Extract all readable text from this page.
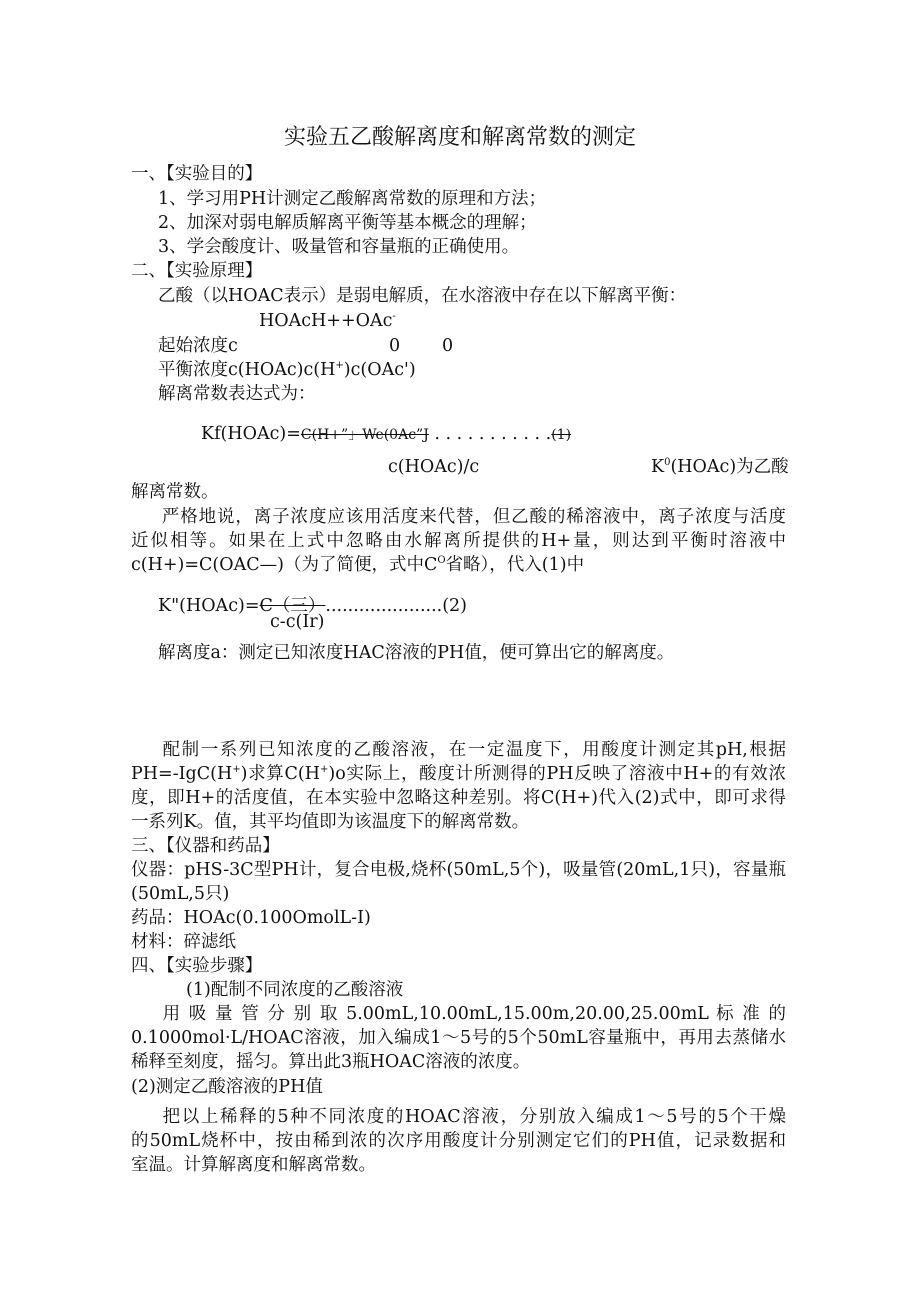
实验五乙酸解离度和解离常数的测定
一、【实验目的】
1、学习用PH计测定乙酸解离常数的原理和方法；
2、加深对弱电解质解离平衡等基本概念的理解；
3、学会酸度计、吸量管和容量瓶的正确使用。
二、【实验原理】
乙酸（以HOAC表示）是弱电解质，在水溶液中存在以下解离平衡：
HOAcH++OAc-
起始浓度c	0 0
平衡浓度c(HOAc)c(H+)c(OAc')
解离常数表达式为：
Kf(HOAc)=C(H+”」We(0Ac”J . . . . . . . . . . .(1)
c(HOAc)/c	$K^0(HOAc)$为乙酸
解离常数。
严格地说，离子浓度应该用活度来代替，但乙酸的稀溶液中，离子浓度与活度
近似相等。如果在上式中忽略由水解离所提供的H+量，则达到平衡时溶液中
c(H+)=C(OAC—)（为了简便，式中$C^O$省略），代入(1)中
K"(HOAc)=C（三）.....................(2)
c-c(Ir)
解离度a：测定已知浓度HAC溶液的PH值，便可算出它的解离度。
配制一系列已知浓度的乙酸溶液，在一定温度下，用酸度计测定其pH,根据
PH=-IgC(H+)求算C(H+)o实际上，酸度计所测得的PH反映了溶液中H+的有效浓
度，即H+的活度值，在本实验中忽略这种差别。将C(H+)代入(2)式中，即可求得
一系列K。值，其平均值即为该温度下的解离常数。
三、【仪器和药品】
仪器：pHS-3C型PH计，复合电极,烧杯(50mL,5个)，吸量管(20mL,1只)，容量瓶
(50mL,5只)
药品：HOAc(0.100OmolL-I)
材料：碎滤纸
四、【实验步骤】
(1)配制不同浓度的乙酸溶液
用 吸 量 管 分 别 取 5.00mL,10.00mL,15.00m,20.00,25.00mL 标 准 的
0.1000mol·L/HOAC溶液，加入编成1～5号的5个50mL容量瓶中，再用去蒸储水
稀释至刻度，摇匀。算出此3瓶HOAC溶液的浓度。
(2)测定乙酸溶液的PH值
把以上稀释的5种不同浓度的HOAC溶液，分别放入编成1～5号的5个干燥
的50mL烧杯中，按由稀到浓的次序用酸度计分别测定它们的PH值，记录数据和
室温。计算解离度和解离常数。
